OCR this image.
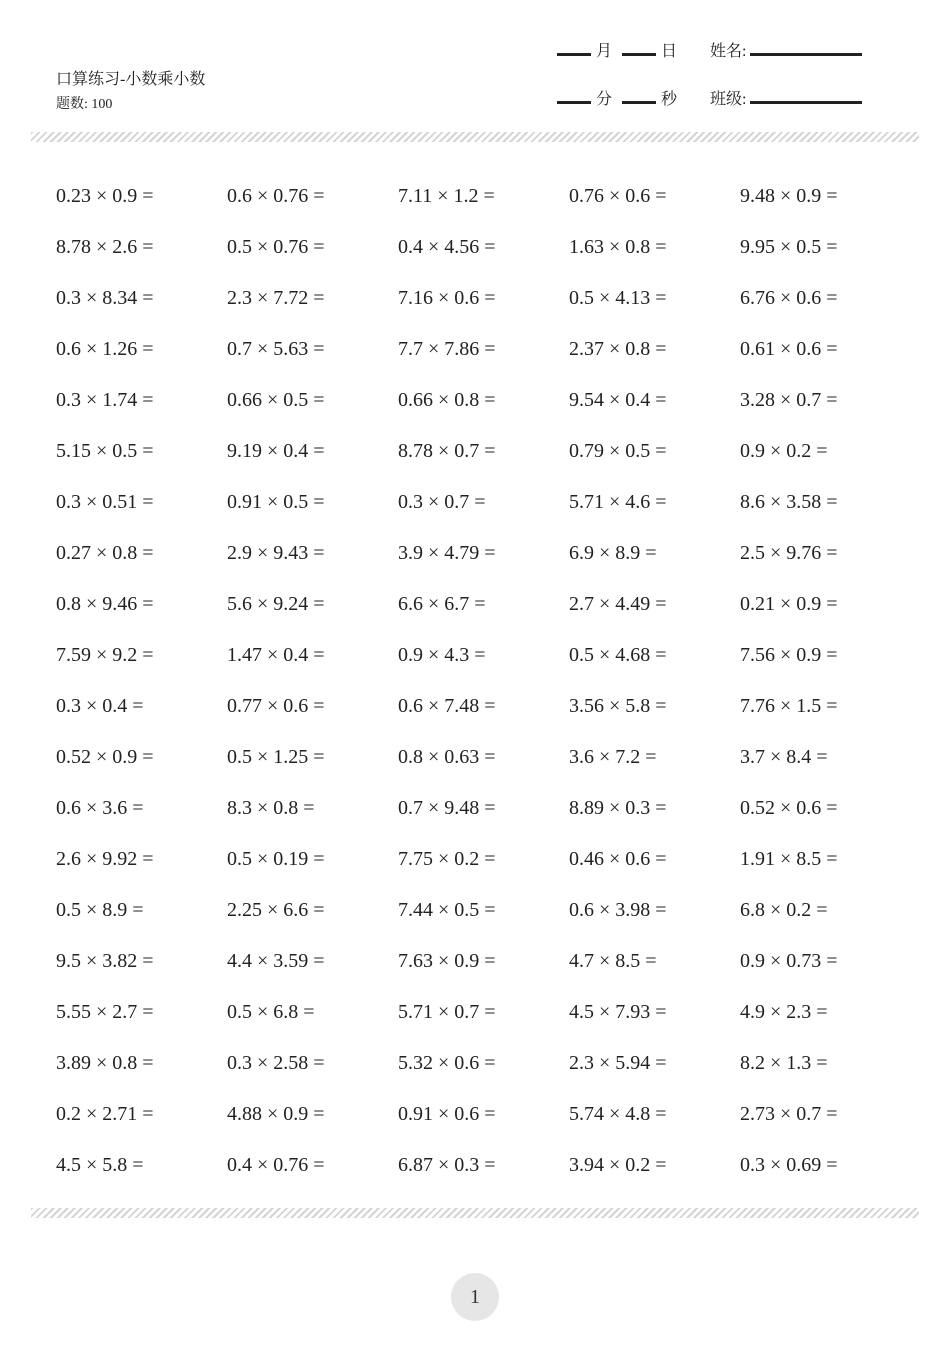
口算练习-小数乘小数
题数: 100
月	日 姓名:
分	秒 班级:
0.23 × 0.9 =	0.6 × 0.76 =	7.11 × 1.2 =	0.76 × 0.6 =	9.48 × 0.9 =
8.78 × 2.6 =	0.5 × 0.76 =	0.4 × 4.56 =	1.63 × 0.8 =	9.95 × 0.5 =
0.3 × 8.34 =	2.3 × 7.72 =	7.16 × 0.6 =	0.5 × 4.13 =	6.76 × 0.6 =
0.6 × 1.26 =	0.7 × 5.63 =	7.7 × 7.86 =	2.37 × 0.8 =	0.61 × 0.6 =
0.3 × 1.74 =	0.66 × 0.5 =	0.66 × 0.8 =	9.54 × 0.4 =	3.28 × 0.7 =
5.15 × 0.5 =	9.19 × 0.4 =	8.78 × 0.7 =	0.79 × 0.5 =	0.9 × 0.2 =
0.3 × 0.51 =	0.91 × 0.5 =	0.3 × 0.7 =	5.71 × 4.6 =	8.6 × 3.58 =
0.27 × 0.8 =	2.9 × 9.43 =	3.9 × 4.79 =	6.9 × 8.9 =	2.5 × 9.76 =
0.8 × 9.46 =	5.6 × 9.24 =	6.6 × 6.7 =	2.7 × 4.49 =	0.21 × 0.9 =
7.59 × 9.2 =	1.47 × 0.4 =	0.9 × 4.3 =	0.5 × 4.68 =	7.56 × 0.9 =
0.3 × 0.4 =	0.77 × 0.6 =	0.6 × 7.48 =	3.56 × 5.8 =	7.76 × 1.5 =
0.52 × 0.9 =	0.5 × 1.25 =	0.8 × 0.63 =	3.6 × 7.2 =	3.7 × 8.4 =
0.6 × 3.6 =	8.3 × 0.8 =	0.7 × 9.48 =	8.89 × 0.3 =	0.52 × 0.6 =
2.6 × 9.92 =	0.5 × 0.19 =	7.75 × 0.2 =	0.46 × 0.6 =	1.91 × 8.5 =
0.5 × 8.9 =	2.25 × 6.6 =	7.44 × 0.5 =	0.6 × 3.98 =	6.8 × 0.2 =
9.5 × 3.82 =	4.4 × 3.59 =	7.63 × 0.9 =	4.7 × 8.5 =	0.9 × 0.73 =
5.55 × 2.7 =	0.5 × 6.8 =	5.71 × 0.7 =	4.5 × 7.93 =	4.9 × 2.3 =
3.89 × 0.8 =	0.3 × 2.58 =	5.32 × 0.6 =	2.3 × 5.94 =	8.2 × 1.3 =
0.2 × 2.71 =	4.88 × 0.9 =	0.91 × 0.6 =	5.74 × 4.8 =	2.73 × 0.7 =
4.5 × 5.8 =	0.4 × 0.76 =	6.87 × 0.3 =	3.94 × 0.2 =	0.3 × 0.69 =
1
